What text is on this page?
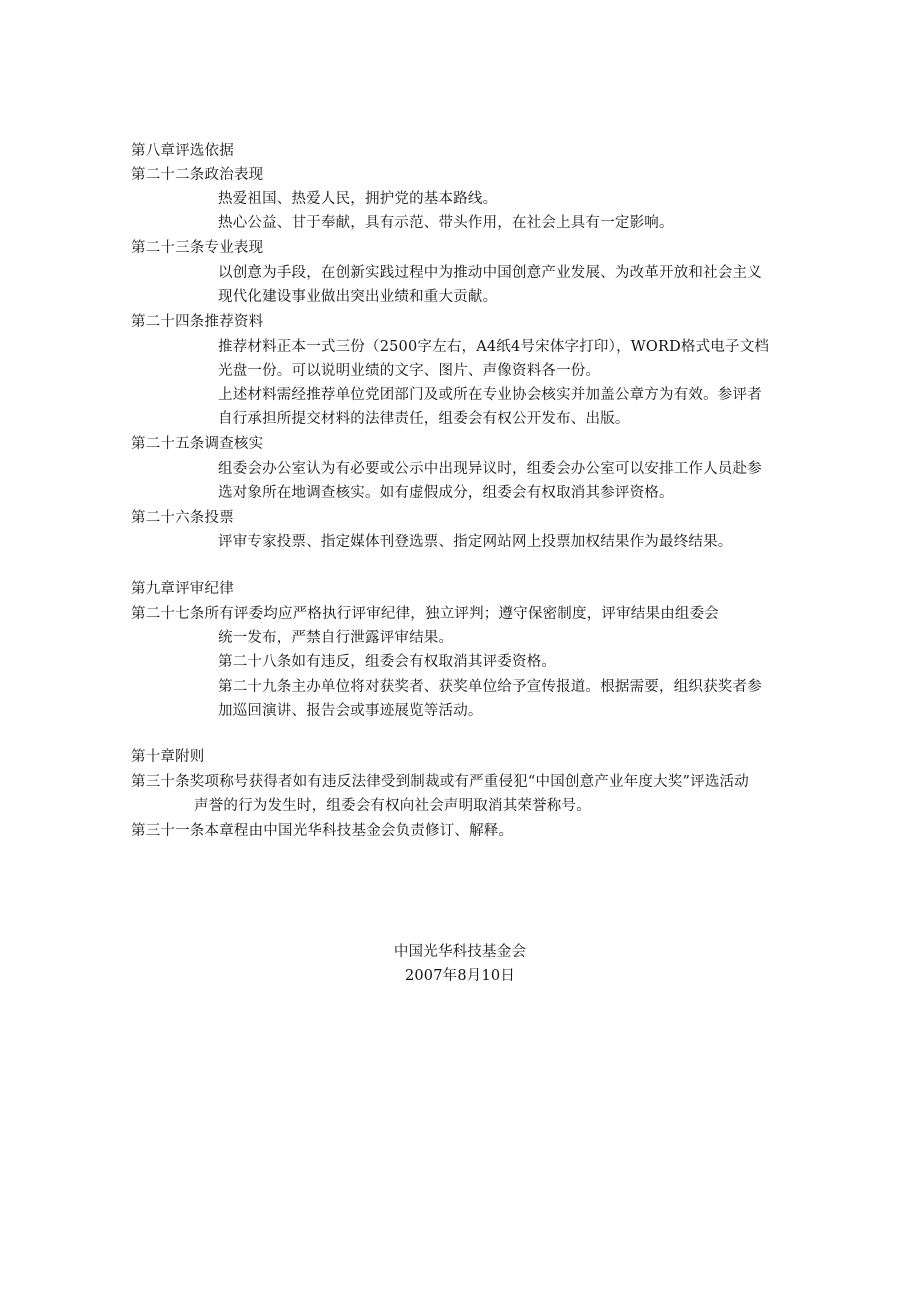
第八章评选依据
第二十二条政治表现
热爱祖国、热爱人民，拥护党的基本路线。
热心公益、甘于奉献，具有示范、带头作用，在社会上具有一定影响。
第二十三条专业表现
以创意为手段，在创新实践过程中为推动中国创意产业发展、为改革开放和社会主义
现代化建设事业做出突出业绩和重大贡献。
第二十四条推荐资料
推荐材料正本一式三份（2500字左右，A4纸4号宋体字打印），WORD格式电子文档
光盘一份。可以说明业绩的文字、图片、声像资料各一份。
上述材料需经推荐单位党团部门及或所在专业协会核实并加盖公章方为有效。参评者
自行承担所提交材料的法律责任，组委会有权公开发布、出版。
第二十五条调查核实
组委会办公室认为有必要或公示中出现异议时，组委会办公室可以安排工作人员赴参
选对象所在地调查核实。如有虚假成分，组委会有权取消其参评资格。
第二十六条投票
评审专家投票、指定媒体刊登选票、指定网站网上投票加权结果作为最终结果。
第九章评审纪律
第二十七条所有评委均应严格执行评审纪律，独立评判；遵守保密制度，评审结果由组委会
统一发布，严禁自行泄露评审结果。
第二十八条如有违反，组委会有权取消其评委资格。
第二十九条主办单位将对获奖者、获奖单位给予宣传报道。根据需要，组织获奖者参
加巡回演讲、报告会或事迹展览等活动。
第十章附则
第三十条奖项称号获得者如有违反法律受到制裁或有严重侵犯“中国创意产业年度大奖”评选活动
声誉的行为发生时，组委会有权向社会声明取消其荣誉称号。
第三十一条本章程由中国光华科技基金会负责修订、解释。
中国光华科技基金会
2007年8月10日
